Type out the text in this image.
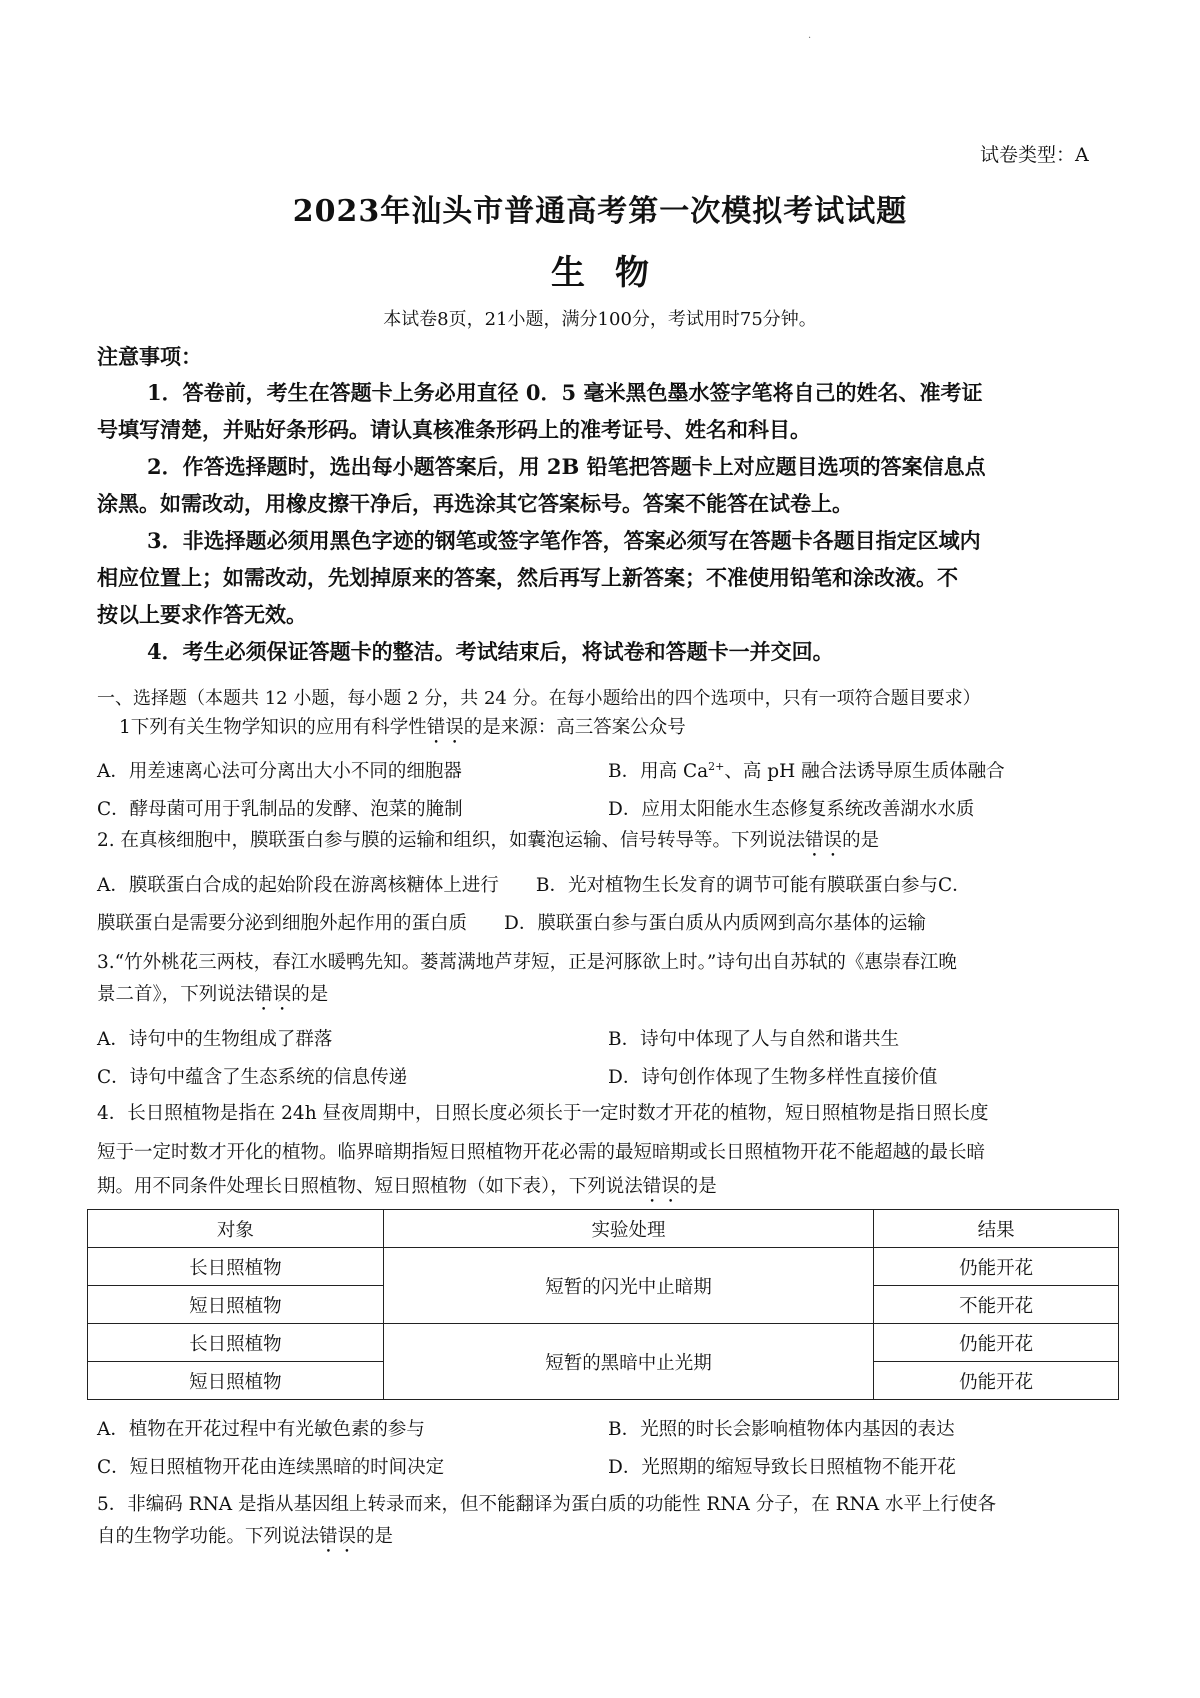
·
试卷类型：A
2023年汕头市普通高考第一次模拟考试试题
生物
本试卷8页，21小题，满分100分，考试用时75分钟。
注意事项：
1．答卷前，考生在答题卡上务必用直径 0．5 毫米黑色墨水签字笔将自己的姓名、准考证
号填写清楚，并贴好条形码。请认真核准条形码上的准考证号、姓名和科目。
2．作答选择题时，选出每小题答案后，用 2B 铅笔把答题卡上对应题目选项的答案信息点
涂黑。如需改动，用橡皮擦干净后，再选涂其它答案标号。答案不能答在试卷上。
3．非选择题必须用黑色字迹的钢笔或签字笔作答，答案必须写在答题卡各题目指定区域内
相应位置上；如需改动，先划掉原来的答案，然后再写上新答案；不准使用铅笔和涂改液。不
按以上要求作答无效。
4．考生必须保证答题卡的整洁。考试结束后，将试卷和答题卡一并交回。
一、选择题（本题共 12 小题，每小题 2 分，共 24 分。在每小题给出的四个选项中，只有一项符合题目要求）
1下列有关生物学知识的应用有科学性错误的是来源：高三答案公众号
A．用差速离心法可分离出大小不同的细胞器	B．用高 $Ca^{2+}$、高 pH 融合法诱导原生质体融合
C．酵母菌可用于乳制品的发酵、泡菜的腌制	D．应用太阳能水生态修复系统改善湖水水质
2. 在真核细胞中，膜联蛋白参与膜的运输和组织，如囊泡运输、信号转导等。下列说法错误的是
A．膜联蛋白合成的起始阶段在游离核糖体上进行　　B．光对植物生长发育的调节可能有膜联蛋白参与C．
膜联蛋白是需要分泌到细胞外起作用的蛋白质　　D．膜联蛋白参与蛋白质从内质网到高尔基体的运输
3.“竹外桃花三两枝，春江水暖鸭先知。蒌蒿满地芦芽短，正是河豚欲上时。”诗句出自苏轼的《惠崇春江晚
景二首》，下列说法错误的是
A．诗句中的生物组成了群落	B．诗句中体现了人与自然和谐共生
C．诗句中蕴含了生态系统的信息传递	D．诗句创作体现了生物多样性直接价值
4．长日照植物是指在 24h 昼夜周期中，日照长度必须长于一定时数才开花的植物，短日照植物是指日照长度
短于一定时数才开化的植物。临界暗期指短日照植物开花必需的最短暗期或长日照植物开花不能超越的最长暗
期。用不同条件处理长日照植物、短日照植物（如下表），下列说法错误的是
对象	实验处理	结果
长日照植物	短暂的闪光中止暗期	仍能开花
短日照植物		不能开花
长日照植物	短暂的黑暗中止光期	仍能开花
短日照植物		仍能开花
A．植物在开花过程中有光敏色素的参与	B．光照的时长会影响植物体内基因的表达
C．短日照植物开花由连续黑暗的时间决定	D．光照期的缩短导致长日照植物不能开花
5．非编码 RNA 是指从基因组上转录而来，但不能翻译为蛋白质的功能性 RNA 分子，在 RNA 水平上行使各
自的生物学功能。下列说法错误的是
